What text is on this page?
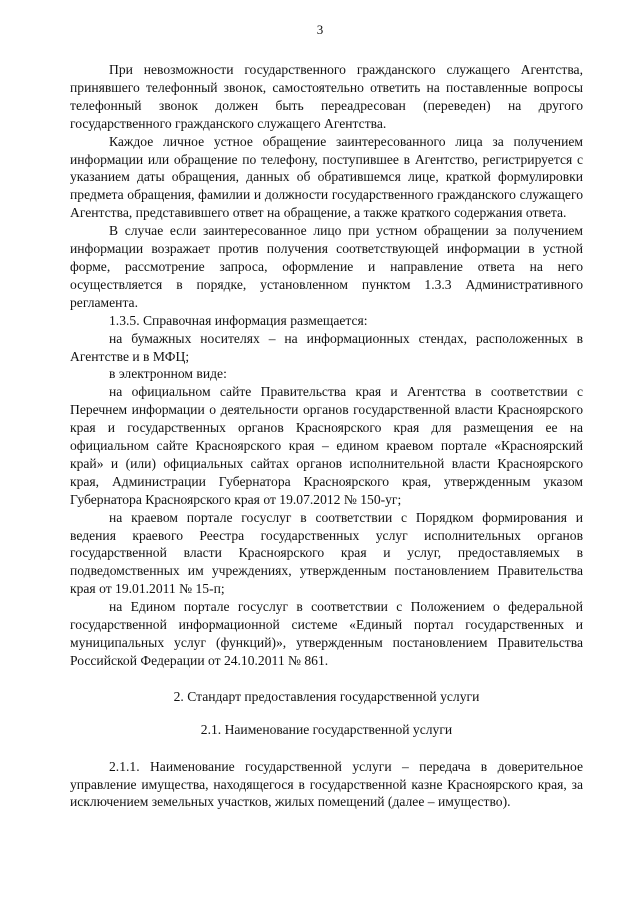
3

При невозможности государственного гражданского служащего Агентства, принявшего телефонный звонок, самостоятельно ответить на поставленные вопросы телефонный звонок должен быть переадресован (переведен) на другого государственного гражданского служащего Агентства.

Каждое личное устное обращение заинтересованного лица за получением информации или обращение по телефону, поступившее в Агентство, регистрируется с указанием даты обращения, данных об обратившемся лице, краткой формулировки предмета обращения, фамилии и должности государственного гражданского служащего Агентства, представившего ответ на обращение, а также краткого содержания ответа.

В случае если заинтересованное лицо при устном обращении за получением информации возражает против получения соответствующей информации в устной форме, рассмотрение запроса, оформление и направление ответа на него осуществляется в порядке, установленном пунктом 1.3.3 Административного регламента.

1.3.5. Справочная информация размещается:

на бумажных носителях – на информационных стендах, расположенных в Агентстве и в МФЦ;

в электронном виде:

на официальном сайте Правительства края и Агентства в соответствии с Перечнем информации о деятельности органов государственной власти Красноярского края и государственных органов Красноярского края для размещения ее на официальном сайте Красноярского края – едином краевом портале «Красноярский край» и (или) официальных сайтах органов исполнительной власти Красноярского края, Администрации Губернатора Красноярского края, утвержденным указом Губернатора Красноярского края от 19.07.2012 № 150-уг;

на краевом портале госуслуг в соответствии с Порядком формирования и ведения краевого Реестра государственных услуг исполнительных органов государственной власти Красноярского края и услуг, предоставляемых в подведомственных им учреждениях, утвержденным постановлением Правительства края от 19.01.2011 № 15-п;

на Едином портале госуслуг в соответствии с Положением о федеральной государственной информационной системе «Единый портал государственных и муниципальных услуг (функций)», утвержденным постановлением Правительства Российской Федерации от 24.10.2011 № 861.

2. Стандарт предоставления государственной услуги

2.1. Наименование государственной услуги

2.1.1. Наименование государственной услуги – передача в доверительное управление имущества, находящегося в государственной казне Красноярского края, за исключением земельных участков, жилых помещений (далее – имущество).
